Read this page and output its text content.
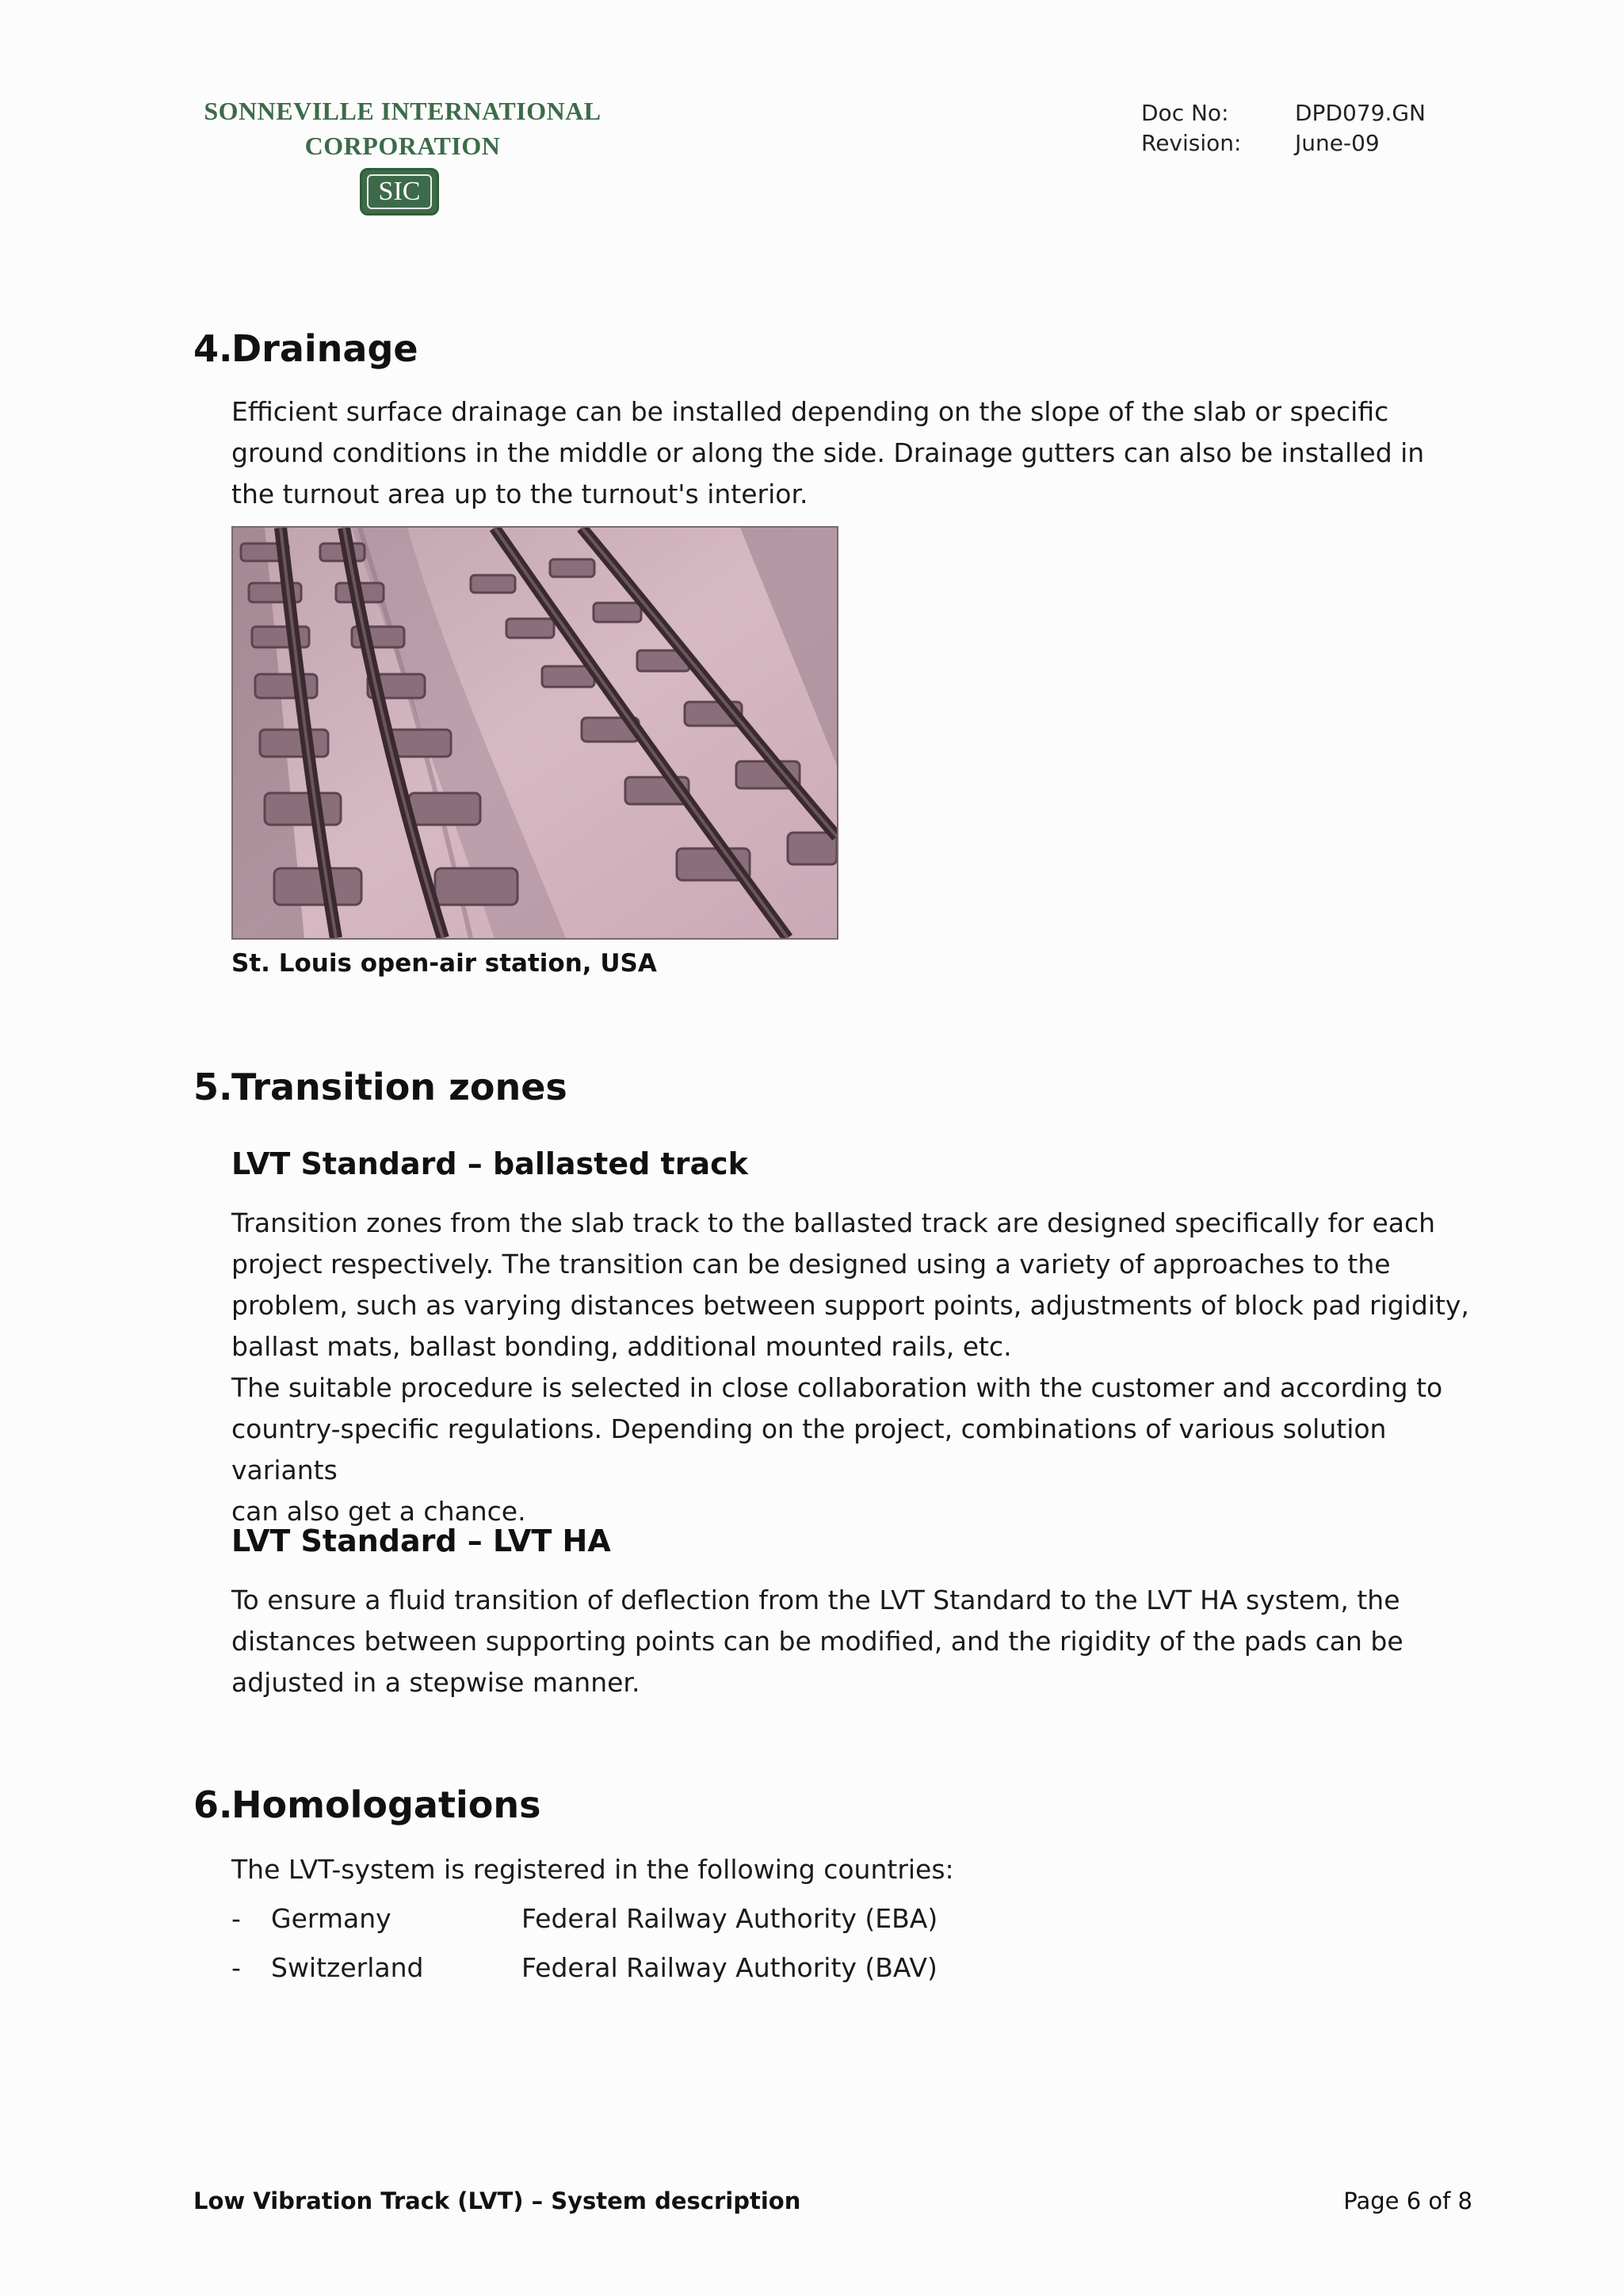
SONNEVILLE INTERNATIONAL
CORPORATION
SIC
Doc No:	DPD079.GN
Revision: June-09
4.
Drainage
Efficient surface drainage can be installed depending on the slope of the slab or specific
ground conditions in the middle or along the side. Drainage gutters can also be installed in
the turnout area up to the turnout's interior.
St. Louis open-air station, USA
5.
Transition zones
LVT Standard – ballasted track
Transition zones from the slab track to the ballasted track are designed specifically for each
project respectively. The transition can be designed using a variety of approaches to the
problem, such as varying distances between support points, adjustments of block pad rigidity,
ballast mats, ballast bonding, additional mounted rails, etc.
The suitable procedure is selected in close collaboration with the customer and according to
country-specific regulations. Depending on the project, combinations of various solution variants
can also get a chance.
LVT Standard – LVT HA
To ensure a fluid transition of deflection from the LVT Standard to the LVT HA system, the
distances between supporting points can be modified, and the rigidity of the pads can be
adjusted in a stepwise manner.
6.
Homologations
The LVT-system is registered in the following countries:
- Germany	Federal Railway Authority (EBA)
- Switzerland	Federal Railway Authority (BAV)
Low Vibration Track (LVT) – System description	Page 6 of 8
